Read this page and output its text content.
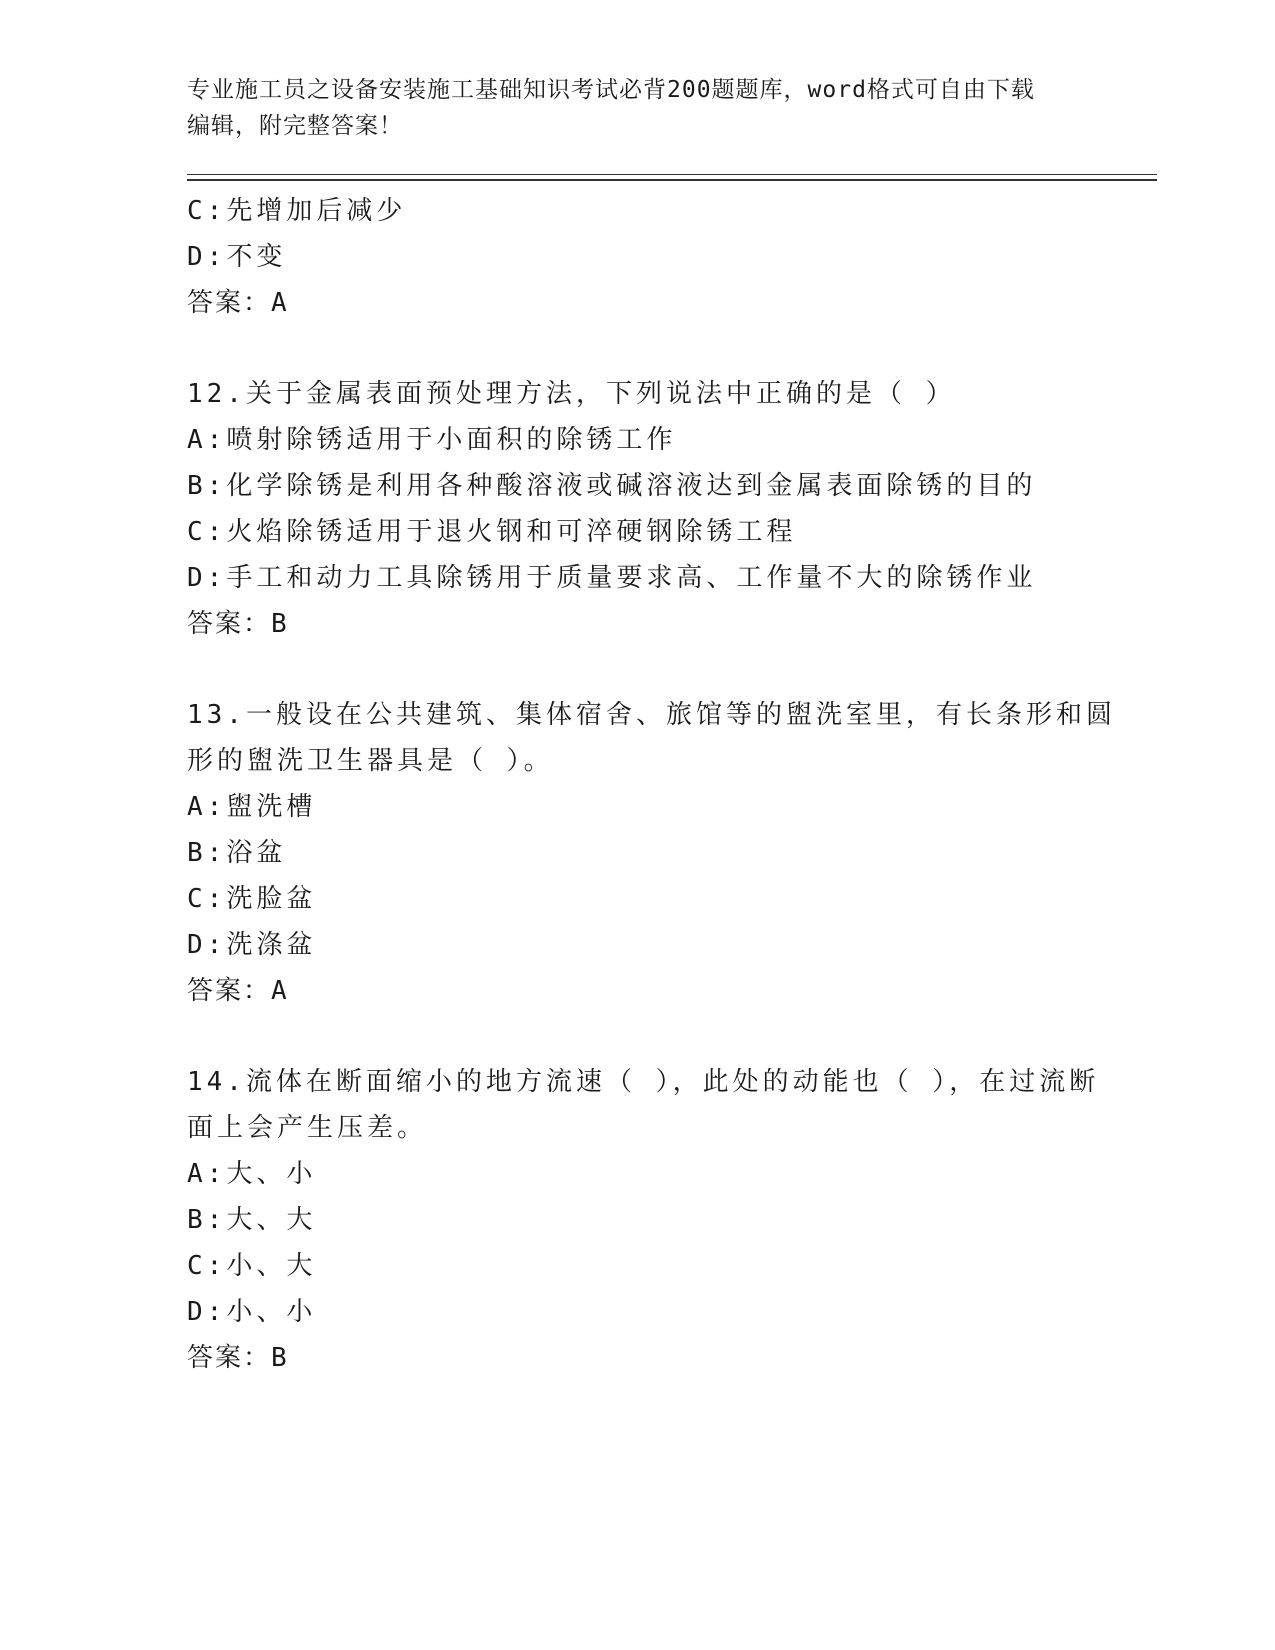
专业施工员之设备安装施工基础知识考试必背200题题库，word格式可自由下载
编辑，附完整答案！
C:先增加后减少
D:不变
答案：A
12.关于金属表面预处理方法，下列说法中正确的是（ ）
A:喷射除锈适用于小面积的除锈工作
B:化学除锈是利用各种酸溶液或碱溶液达到金属表面除锈的目的
C:火焰除锈适用于退火钢和可淬硬钢除锈工程
D:手工和动力工具除锈用于质量要求高、工作量不大的除锈作业
答案：B
13.一般设在公共建筑、集体宿舍、旅馆等的盥洗室里，有长条形和圆
形的盥洗卫生器具是（ ）。
A:盥洗槽
B:浴盆
C:洗脸盆
D:洗涤盆
答案：A
14.流体在断面缩小的地方流速（ ），此处的动能也（ ），在过流断
面上会产生压差。
A:大、小
B:大、大
C:小、大
D:小、小
答案：B
